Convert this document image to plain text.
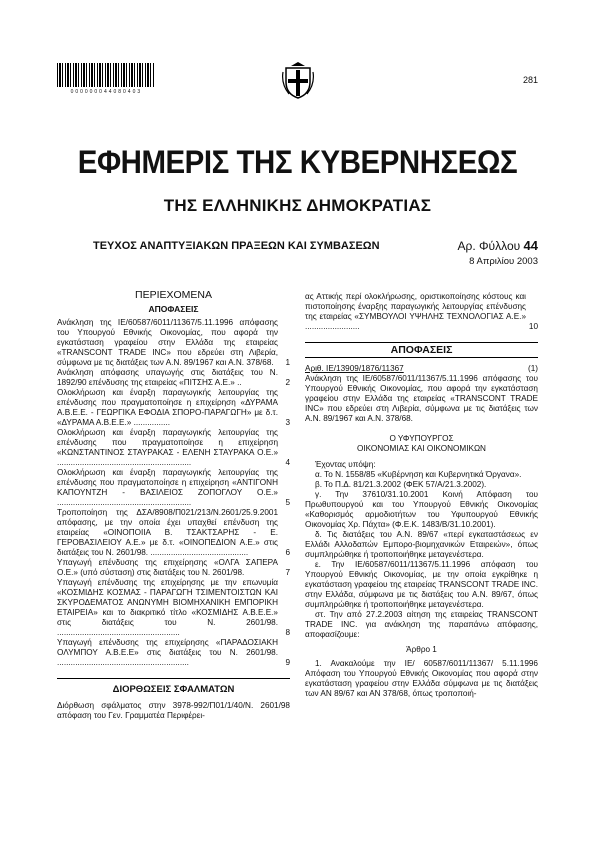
0 0 0 0 0 0 0 4 4 0 8 0 4 0 3
281
ΕΦΗΜΕΡΙΣ ΤΗΣ ΚΥΒΕΡΝΗΣΕΩΣ
ΤΗΣ ΕΛΛΗΝΙΚΗΣ ΔΗΜΟΚΡΑΤΙΑΣ
ΤΕΥΧΟΣ ΑΝΑΠΤΥΞΙΑΚΩΝ ΠΡΑΞΕΩΝ ΚΑΙ ΣΥΜΒΑΣΕΩΝ	Αρ. Φύλλου 44
8 Απριλίου 2003
ΠΕΡΙΕΧΟΜΕΝΑ
ΑΠΟΦΑΣΕΙΣ
Ανάκληση της ΙΕ/60587/6011/11367/5.11.1996 απόφασης του Υπουργού Εθνικής Οικονομίας, που αφορά την εγκατάσταση γραφείου στην Ελλάδα της εταιρείας «TRANSCONT TRADE INC» που εδρεύει στη Λιβερία, σύμφωνα με τις διατάξεις των Α.Ν. 89/1967 και Α.Ν. 378/68.	1
Ανάκληση απόφασης υπαγωγής στις διατάξεις του Ν. 1892/90 επένδυσης της εταιρείας «ΠΙΤΣΗΣ Α.Ε.» ..	2
Ολοκλήρωση και έναρξη παραγωγικής λειτουργίας της επένδυσης που πραγματοποίησε η επιχείρηση «ΔΥΡΑΜΑ Α.Β.Ε.Ε. - ΓΕΩΡΓΙΚΑ ΕΦΟΔΙΑ ΣΠΟΡΟ-ΠΑΡΑΓΩΓΗ» με δ.τ. «ΔΥΡΑΜΑ Α.Β.Ε.Ε.» ................	3
Ολοκλήρωση και έναρξη παραγωγικής λειτουργίας της επένδυσης που πραγματοποίησε η επιχείρηση «ΚΩΝΣΤΑΝΤΙΝΟΣ ΣΤΑΥΡΑΚΑΣ - ΕΛΕΝΗ ΣΤΑΥΡΑΚΑ Ο.Ε.» ...........................................................	4
Ολοκλήρωση και έναρξη παραγωγικής λειτουργίας της επένδυσης που πραγματοποίησε η επιχείρηση «ΑΝΤΙΓΟΝΗ ΚΑΠΟΥΝΤΖΗ - ΒΑΣΙΛΕΙΟΣ ΖΟΠΟΓΛΟΥ Ο.Ε.» ...........................................................	5
Τροποποίηση της ΔΣΑ/8908/Π021/213/Ν.2601/25.9.2001 απόφασης, με την οποία έχει υπαχθεί επένδυση της εταιρείας «ΟΙΝΟΠΟΙΙΑ Β. ΤΣΑΚΤΣΑΡΗΣ - Ε. ΓΕΡΟΒΑΣΙΛΕΙΟΥ Α.Ε.» με δ.τ. «ΟΙΝΟΠΕΔΙΟΝ Α.Ε.» στις διατάξεις του Ν. 2601/98. ...........................................	6
Υπαγωγή επένδυσης της επιχείρησης «ΟΛΓΑ ΣΑΠΕΡΑ Ο.Ε.» (υπό σύσταση) στις διατάξεις του Ν. 2601/98.	7
Υπαγωγή επένδυσης της επιχείρησης με την επωνυμία «ΚΟΣΜΙΔΗΣ ΚΟΣΜΑΣ - ΠΑΡΑΓΩΓΗ ΤΣΙΜΕΝΤΟΙΣΤΩΝ ΚΑΙ ΣΚΥΡΟΔΕΜΑΤΟΣ ΑΝΩΝΥΜΗ ΒΙΟΜΗΧΑΝΙΚΗ ΕΜΠΟΡΙΚΗ ΕΤΑΙΡΕΙΑ» και το διακριτικό τίτλο «ΚΟΣΜΙΔΗΣ Α.Β.Ε.Ε.» στις διατάξεις του Ν. 2601/98. ......................................................	8
Υπαγωγή επένδυσης της επιχείρησης «ΠΑΡΑΔΟΣΙΑΚΗ ΟΛΥΜΠΟΥ Α.Β.Ε.Ε» στις διατάξεις του Ν. 2601/98. ..........................................................	9
ΔΙΟΡΘΩΣΕΙΣ ΣΦΑΛΜΑΤΩΝ

Διόρθωση σφάλματος στην 3978-992/Π01/1/40/Ν. 2601/98 απόφαση του Γεν. Γραμματέα Περιφέρει-

ας Αττικής περί ολοκλήρωσης, οριστικοποίησης κόστους και πιστοποίησης έναρξης παραγωγικής λειτουργίας επένδυσης της εταιρείας «ΣΥΜΒΟΥΛΟΙ ΥΨΗΛΗΣ ΤΕΧΝΟΛΟΓΙΑΣ Α.Ε.» ........................	10
ΑΠΟΦΑΣΕΙΣ
Αριθ. ΙΕ/13909/1876/11367	(1)

Ανάκληση της ΙΕ/60587/6011/11367/5.11.1996 απόφασης του Υπουργού Εθνικής Οικονομίας, που αφορά την εγκατάσταση γραφείου στην Ελλάδα της εταιρείας «TRANSCONT TRADE INC» που εδρεύει στη Λιβερία, σύμφωνα με τις διατάξεις των Α.Ν. 89/1967 και Α.Ν. 378/68.

Ο ΥΦΥΠΟΥΡΓΟΣ
ΟΙΚΟΝΟΜΙΑΣ ΚΑΙ ΟΙΚΟΝΟΜΙΚΩΝ

Έχοντας υπόψη:

α. Το Ν. 1558/85 «Κυβέρνηση και Κυβερνητικά Όργανα».

β. Το Π.Δ. 81/21.3.2002 (ΦΕΚ 57/Α/21.3.2002).

γ. Την 37610/31.10.2001 Κοινή Απόφαση του Πρωθυπουργού και του Υπουργού Εθνικής Οικονομίας «Καθορισμός αρμοδιοτήτων του Υφυπουργού Εθνικής Οικονομίας Χρ. Πάχτα» (Φ.Ε.Κ. 1483/Β/31.10.2001).

δ. Τις διατάξεις του Α.Ν. 89/67 «περί εγκαταστάσεως εν Ελλάδι Αλλοδαπών Εμπορο-βιομηχανικών Εταιρειών», όπως συμπληρώθηκε ή τροποποιήθηκε μεταγενέστερα.

ε. Την ΙΕ/60587/6011/11367/5.11.1996 απόφαση του Υπουργού Εθνικής Οικονομίας, με την οποία εγκρίθηκε η εγκατάσταση γραφείου της εταιρείας TRANSCONT TRADE INC. στην Ελλάδα, σύμφωνα με τις διατάξεις του Α.Ν. 89/67, όπως συμπληρώθηκε ή τροποποιήθηκε μεταγενέστερα.

στ. Την από 27.2.2003 αίτηση της εταιρείας TRANSCONT TRADE INC. για ανάκληση της παραπάνω απόφασης, αποφασίζουμε:

Άρθρο 1

1. Ανακαλούμε την ΙΕ/ 60587/6011/11367/ 5.11.1996 Απόφαση του Υπουργού Εθνικής Οικονομίας που αφορά στην εγκατάσταση γραφείου στην Ελλάδα σύμφωνα με τις διατάξεις των ΑΝ 89/67 και ΑΝ 378/68, όπως τροποποιή-
